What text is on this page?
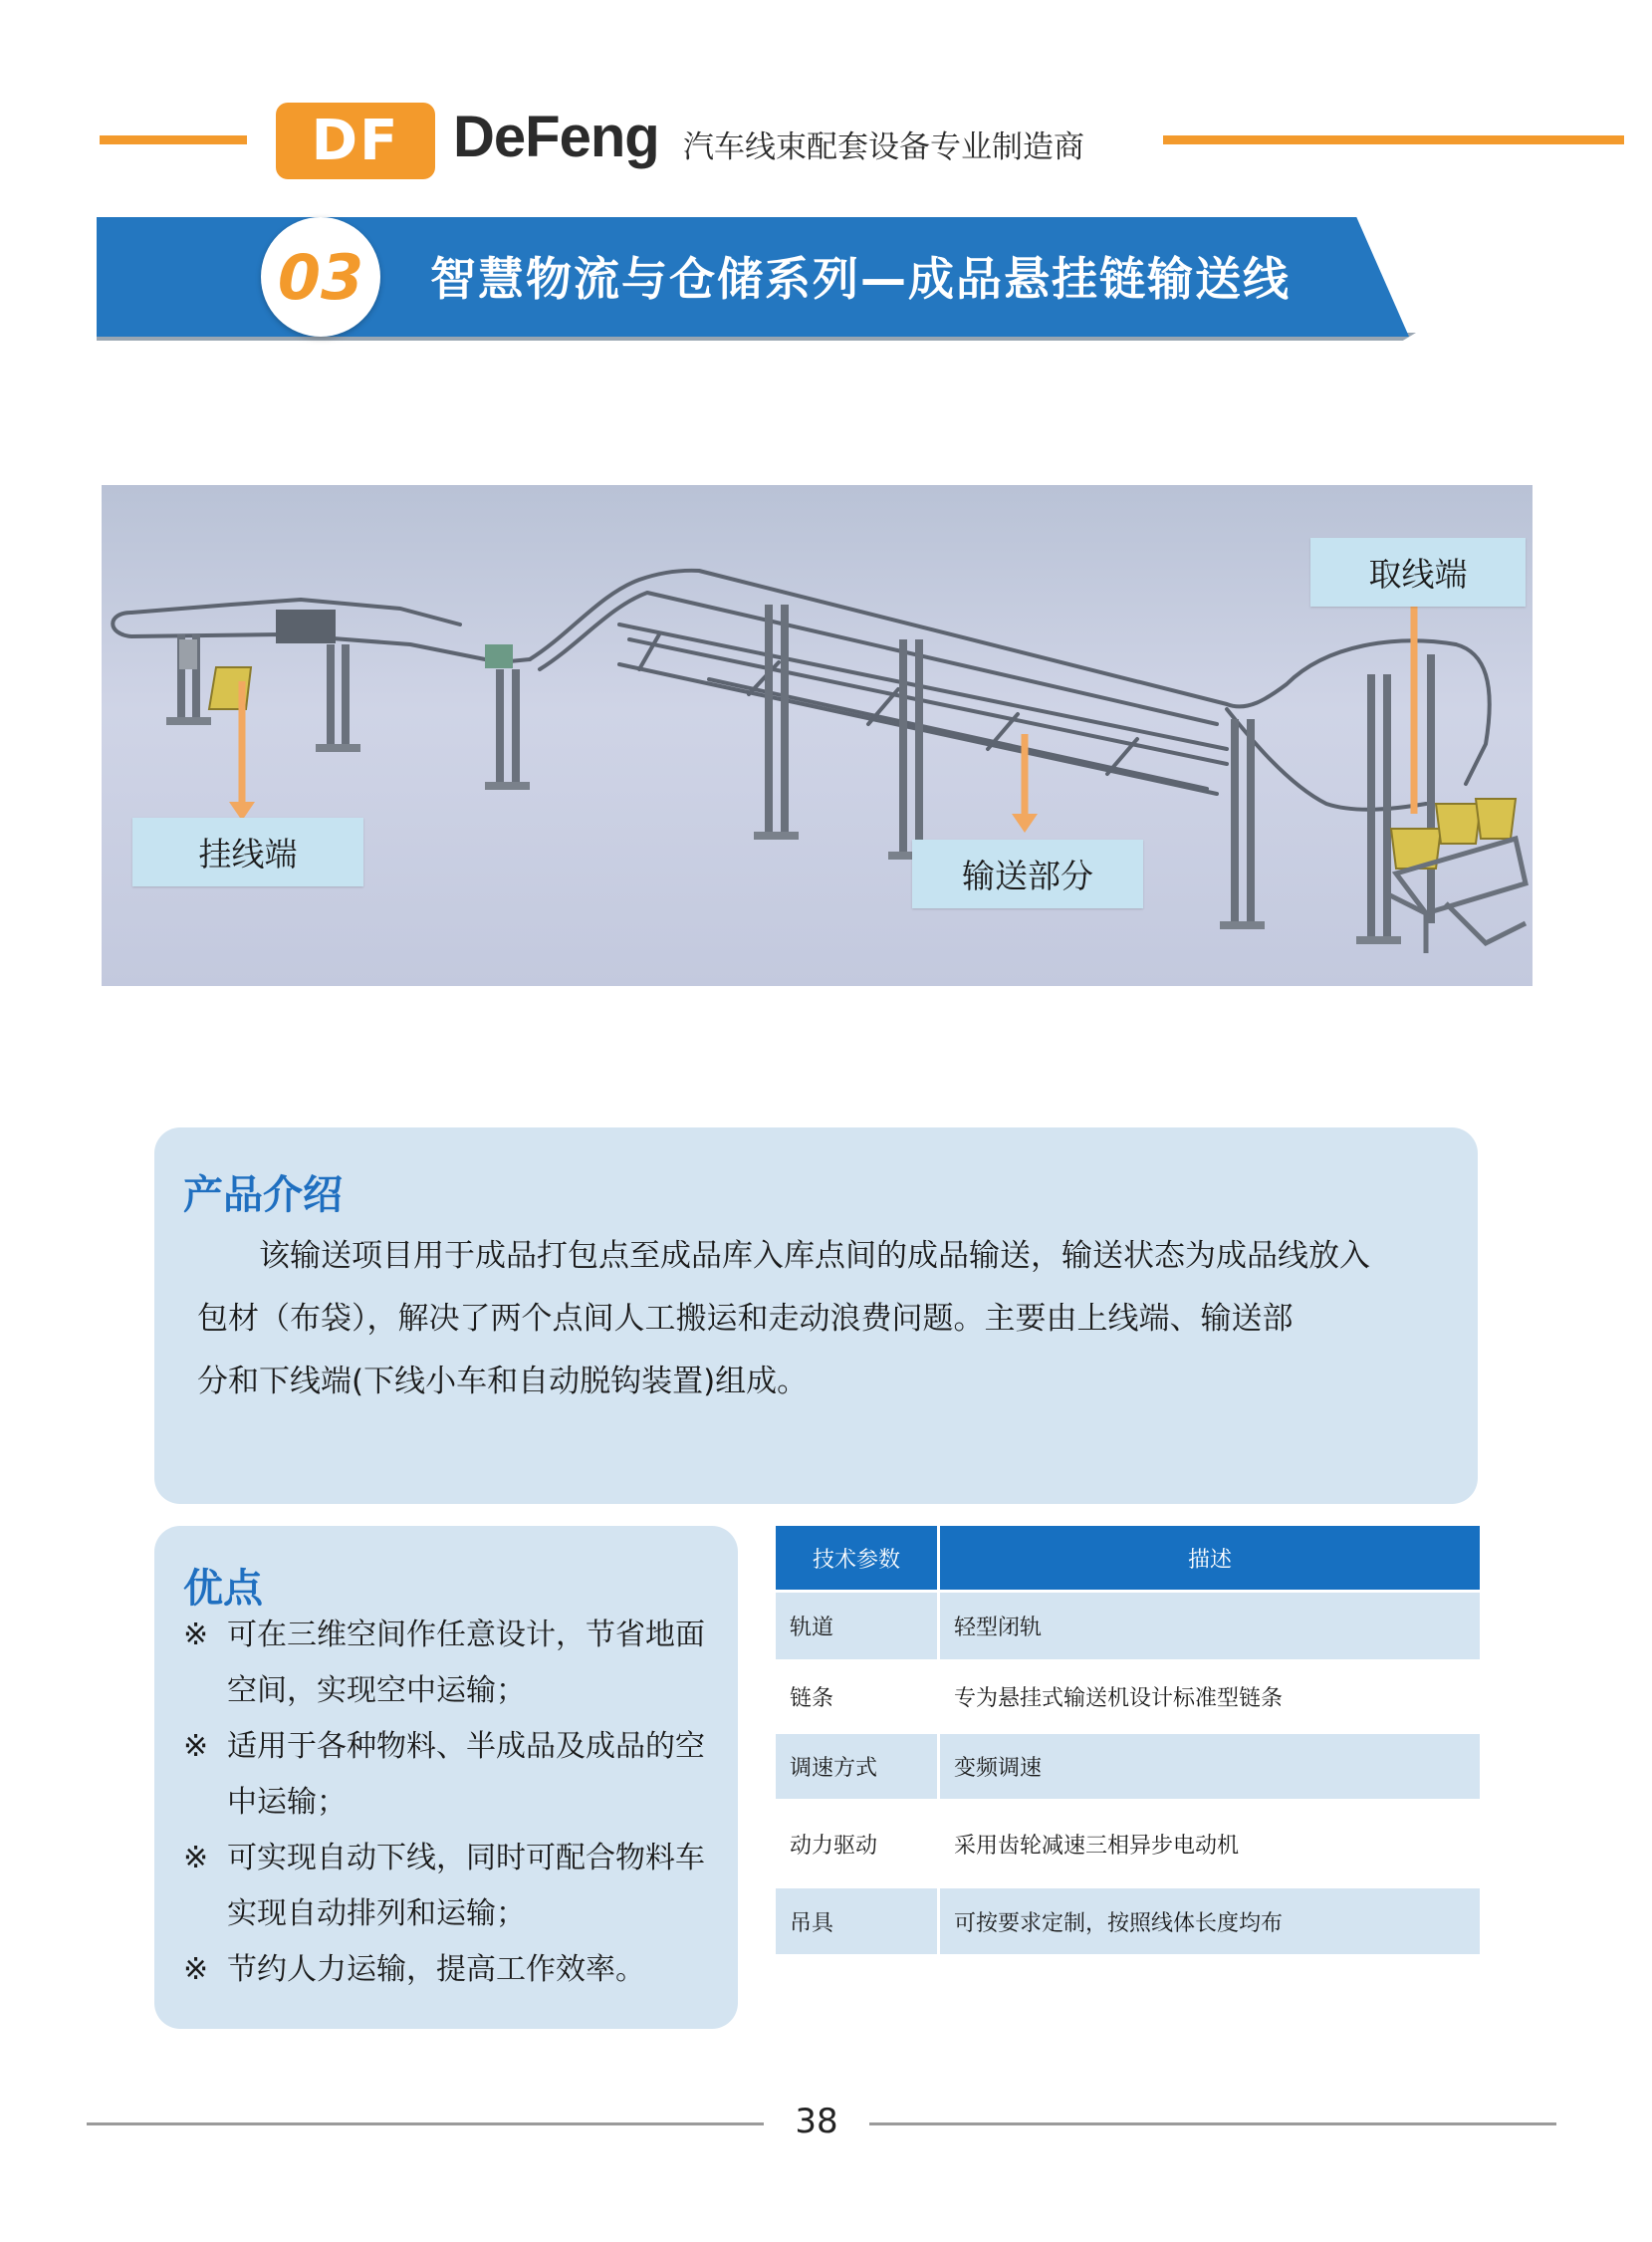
DF DeFeng 汽车线束配套设备专业制造商
03 智慧物流与仓储系列—成品悬挂链输送线
挂线端
输送部分
取线端
产品介绍
该输送项目用于成品打包点至成品库入库点间的成品输送，输送状态为成品线放入
包材（布袋），解决了两个点间人工搬运和走动浪费问题。主要由上线端、输送部
分和下线端(下线小车和自动脱钩装置)组成。
优点
※ 可在三维空间作任意设计，节省地面
空间，实现空中运输；
※ 适用于各种物料、半成品及成品的空
中运输；
※ 可实现自动下线，同时可配合物料车
实现自动排列和运输；
※ 节约人力运输，提高工作效率。
技术参数	描述
轨道	轻型闭轨
链条	专为悬挂式输送机设计标准型链条
调速方式	变频调速
动力驱动	采用齿轮减速三相异步电动机
吊具	可按要求定制，按照线体长度均布
38
